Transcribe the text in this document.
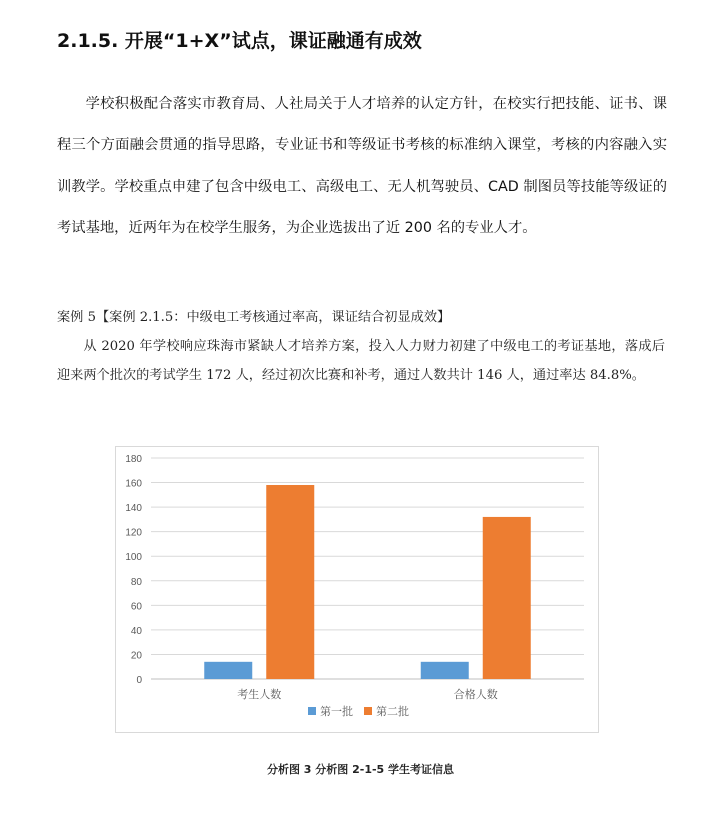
2.1.5. 开展“1+X”试点，课证融通有成效

学校积极配合落实市教育局、人社局关于人才培养的认定方针，在校实行把技能、证书、课程三个方面融会贯通的指导思路，专业证书和等级证书考核的标准纳入课堂，考核的内容融入实训教学。学校重点申建了包含中级电工、高级电工、无人机驾驶员、CAD 制图员等技能等级证的考试基地，近两年为在校学生服务，为企业选拔出了近 200 名的专业人才。

案例 5【案例 2.1.5：中级电工考核通过率高，课证结合初显成效】

从 2020 年学校响应珠海市紧缺人才培养方案，投入人力财力初建了中级电工的考证基地，落成后迎来两个批次的考试学生 172 人，经过初次比赛和补考，通过人数共计 146 人，通过率达 84.8%。

0
20
40
60
80
100
120
140
160
180
考生人数	合格人数
第一批 第二批
分析图 3 分析图 2-1-5 学生考证信息
